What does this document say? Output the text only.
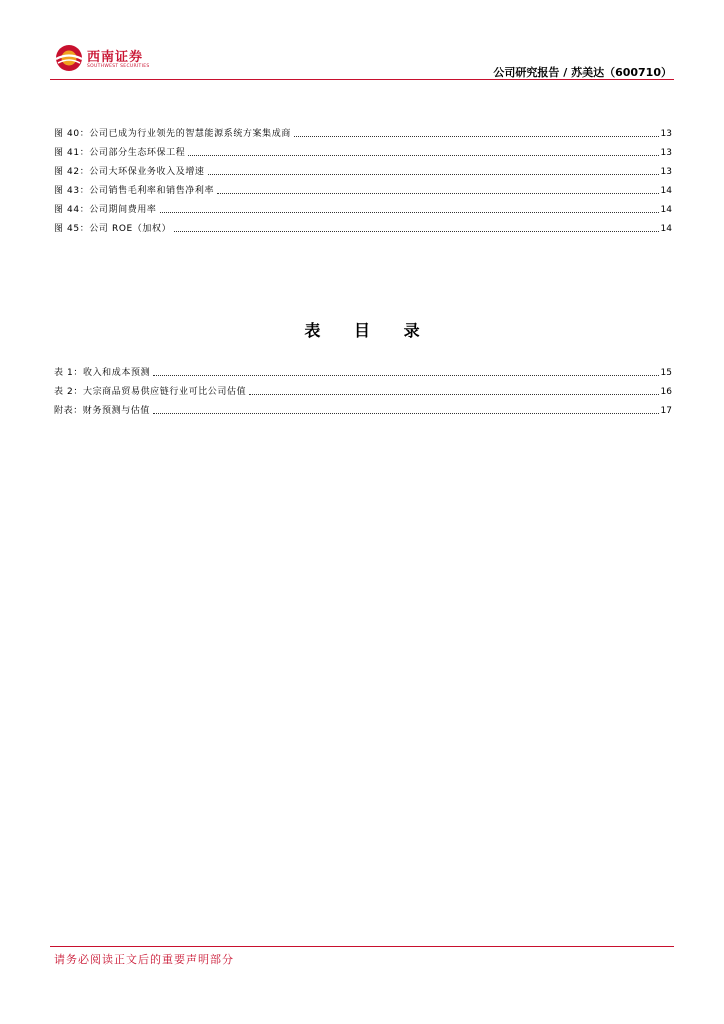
西南证券
SOUTHWEST SECURITIES	公司研究报告 / 苏美达（600710）
图 40：公司已成为行业领先的智慧能源系统方案集成商	13
图 41：公司部分生态环保工程	13
图 42：公司大环保业务收入及增速	13
图 43：公司销售毛利率和销售净利率	14
图 44：公司期间费用率	14
图 45：公司 ROE（加权）	14
表 目 录
表 1：收入和成本预测	15
表 2：大宗商品贸易供应链行业可比公司估值	16
附表：财务预测与估值	17
请务必阅读正文后的重要声明部分
